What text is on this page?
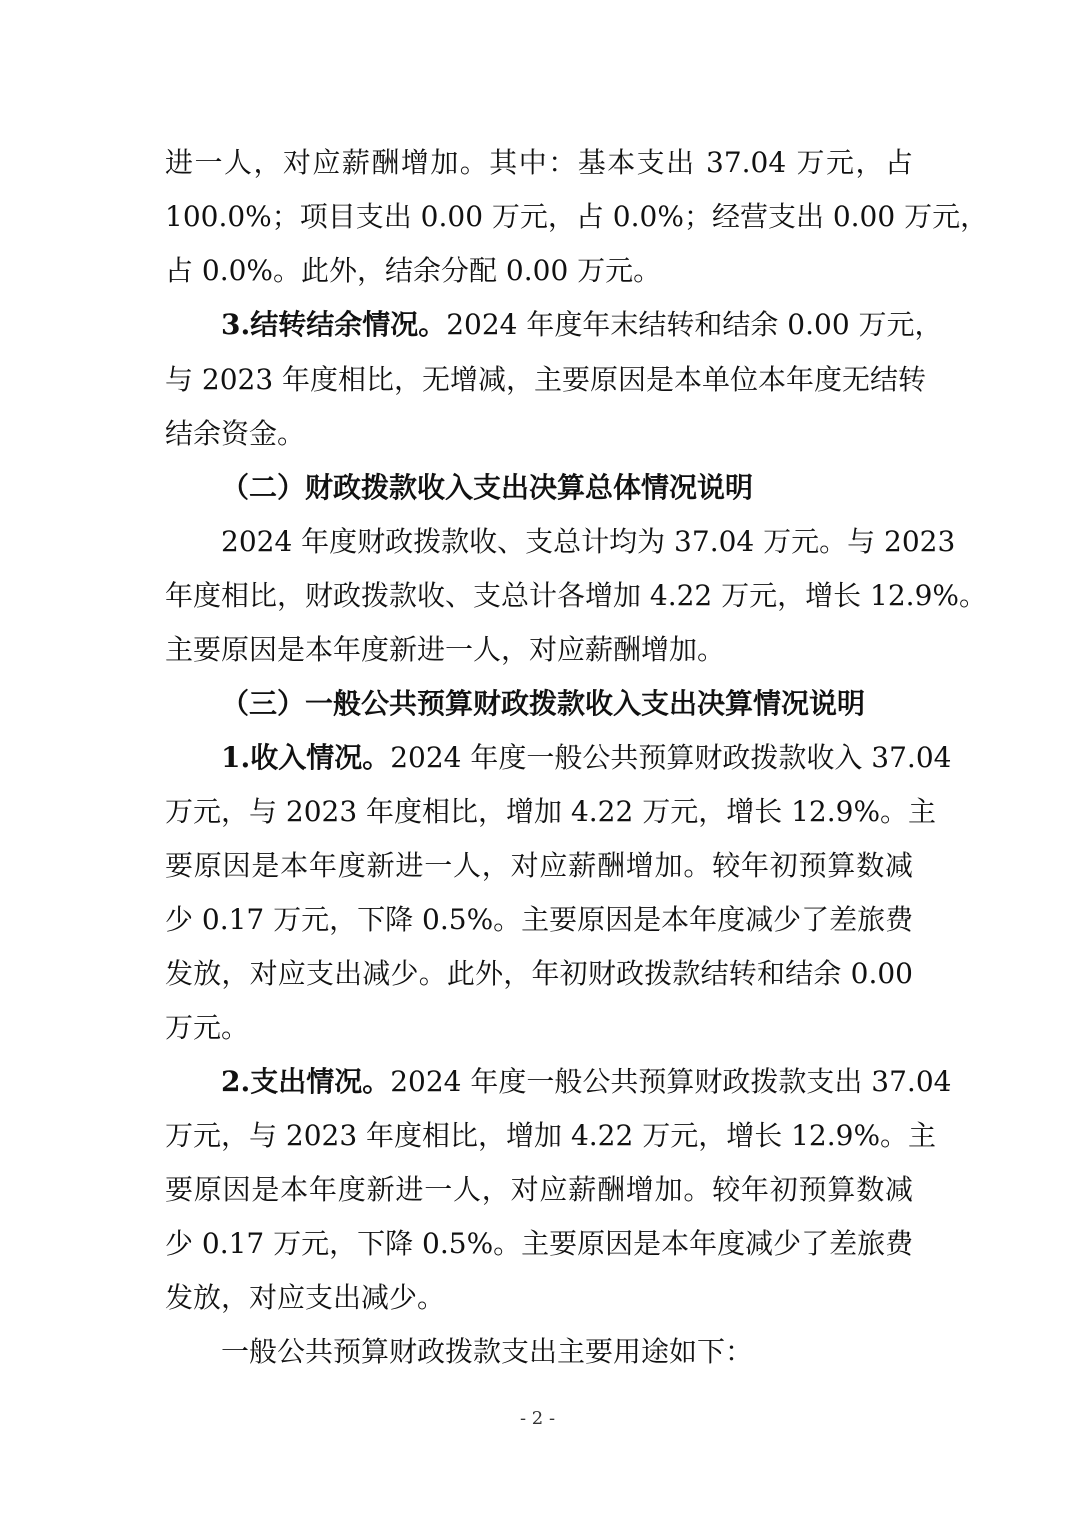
进一人，对应薪酬增加。其中：基本支出 37.04 万元，占
100.0%；项目支出 0.00 万元，占 0.0%；经营支出 0.00 万元，
占 0.0%。此外，结余分配 0.00 万元。
3.结转结余情况。2024 年度年末结转和结余 0.00 万元，
与 2023 年度相比，无增减，主要原因是本单位本年度无结转
结余资金。
（二）财政拨款收入支出决算总体情况说明
2024 年度财政拨款收、支总计均为 37.04 万元。与 2023
年度相比，财政拨款收、支总计各增加 4.22 万元，增长 12.9%。
主要原因是本年度新进一人，对应薪酬增加。
（三）一般公共预算财政拨款收入支出决算情况说明
1.收入情况。2024 年度一般公共预算财政拨款收入 37.04
万元，与 2023 年度相比，增加 4.22 万元，增长 12.9%。主
要原因是本年度新进一人，对应薪酬增加。较年初预算数减
少 0.17 万元，下降 0.5%。主要原因是本年度减少了差旅费
发放，对应支出减少。此外，年初财政拨款结转和结余 0.00
万元。
2.支出情况。2024 年度一般公共预算财政拨款支出 37.04
万元，与 2023 年度相比，增加 4.22 万元，增长 12.9%。主
要原因是本年度新进一人，对应薪酬增加。较年初预算数减
少 0.17 万元，下降 0.5%。主要原因是本年度减少了差旅费
发放，对应支出减少。
一般公共预算财政拨款支出主要用途如下：
- 2 -
